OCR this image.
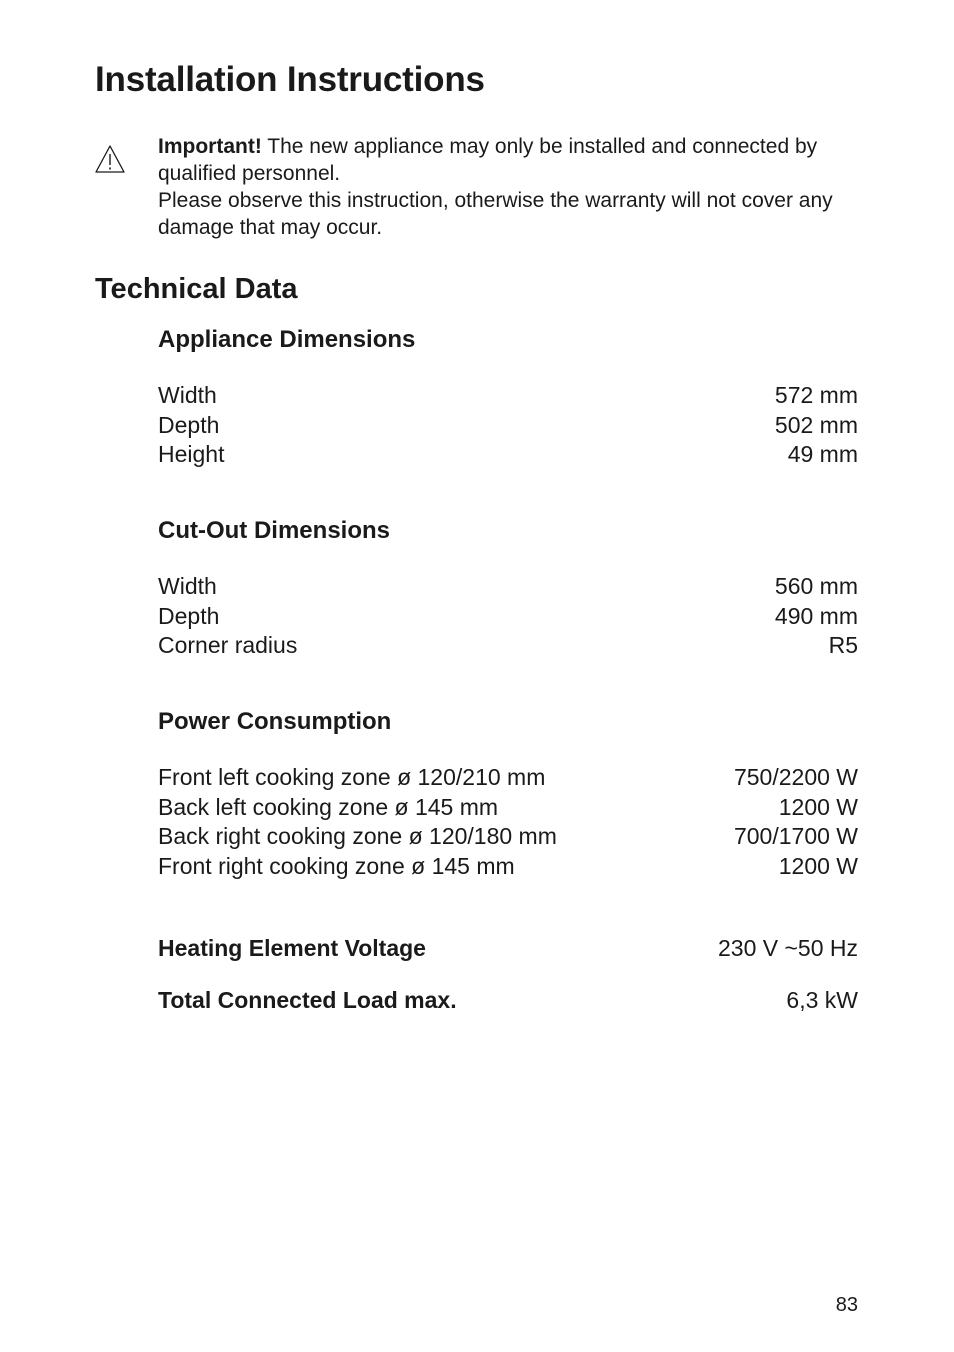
Installation Instructions
Important! The new appliance may only be installed and connected by qualified personnel.
Please observe this instruction, otherwise the warranty will not cover any damage that may occur.
Technical Data
Appliance Dimensions
Width	572 mm
Depth	502 mm
Height	49 mm
Cut-Out Dimensions
Width	560 mm
Depth	490 mm
Corner radius	R5
Power Consumption
Front left cooking zone ø 120/210 mm	750/2200 W
Back left cooking zone ø 145 mm	1200 W
Back right cooking zone ø 120/180 mm	700/1700 W
Front right cooking zone ø 145 mm	1200 W
Heating Element Voltage	230 V ~50 Hz
Total Connected Load max.	6,3 kW
83
